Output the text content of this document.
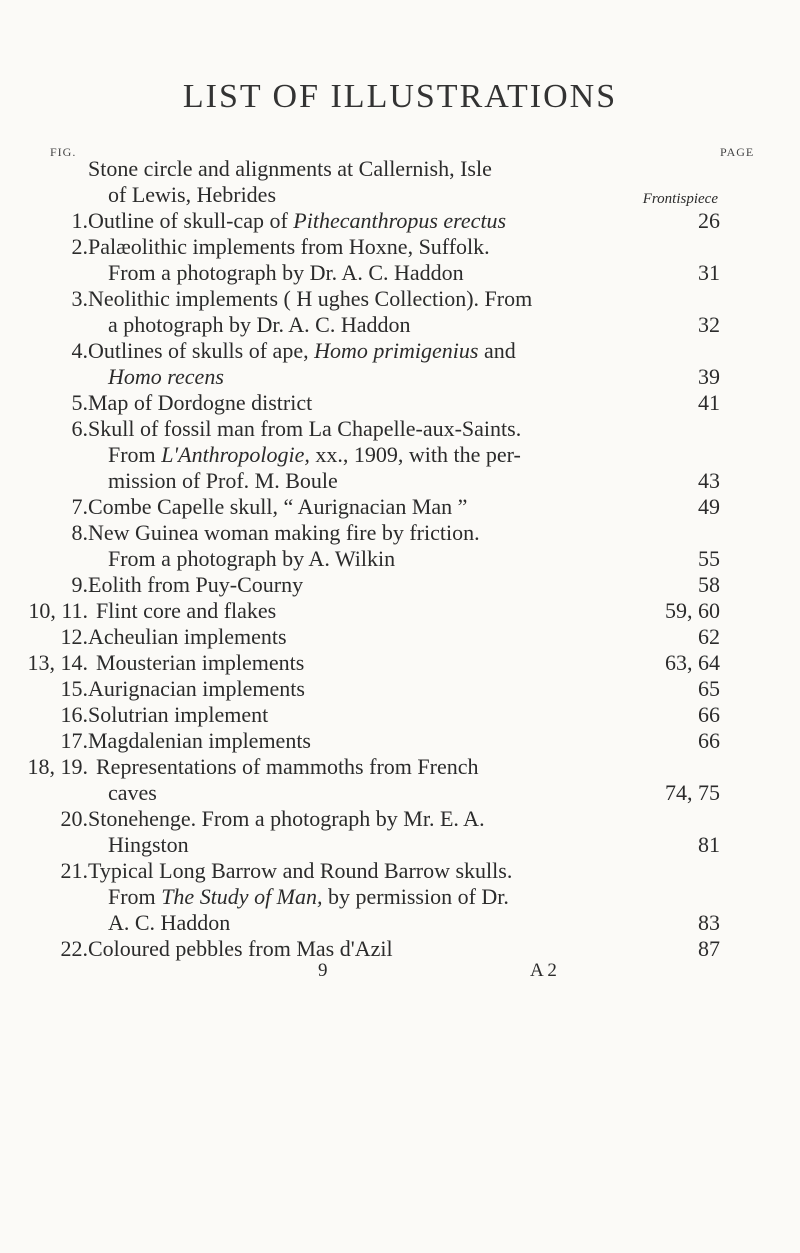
LIST OF ILLUSTRATIONS
FIG.	PAGE
Stone circle and alignments at Callernish, Isle
of Lewis, Hebrides	Frontispiece
1. Outline of skull-cap of Pithecanthropus erectus	26
2. Palæolithic implements from Hoxne, Suffolk.
From a photograph by Dr. A. C. Haddon	31
3. Neolithic implements ( H ughes Collection). From
a photograph by Dr. A. C. Haddon	32
4. Outlines of skulls of ape, Homo primigenius and
Homo recens	39
5. Map of Dordogne district	41
6. Skull of fossil man from La Chapelle-aux-Saints.
From L'Anthropologie, xx., 1909, with the per-
mission of Prof. M. Boule	43
7. Combe Capelle skull, “ Aurignacian Man ”	49
8. New Guinea woman making fire by friction.
From a photograph by A. Wilkin	55
9. Eolith from Puy-Courny	58
10, 11. Flint core and flakes	59, 60
12. Acheulian implements	62
13, 14. Mousterian implements	63, 64
15. Aurignacian implements	65
16. Solutrian implement	66
17. Magdalenian implements	66
18, 19. Representations of mammoths from French
caves	74, 75
20. Stonehenge. From a photograph by Mr. E. A.
Hingston	81
21. Typical Long Barrow and Round Barrow skulls.
From The Study of Man, by permission of Dr.
A. C. Haddon	83
22. Coloured pebbles from Mas d'Azil	87
9	A 2
